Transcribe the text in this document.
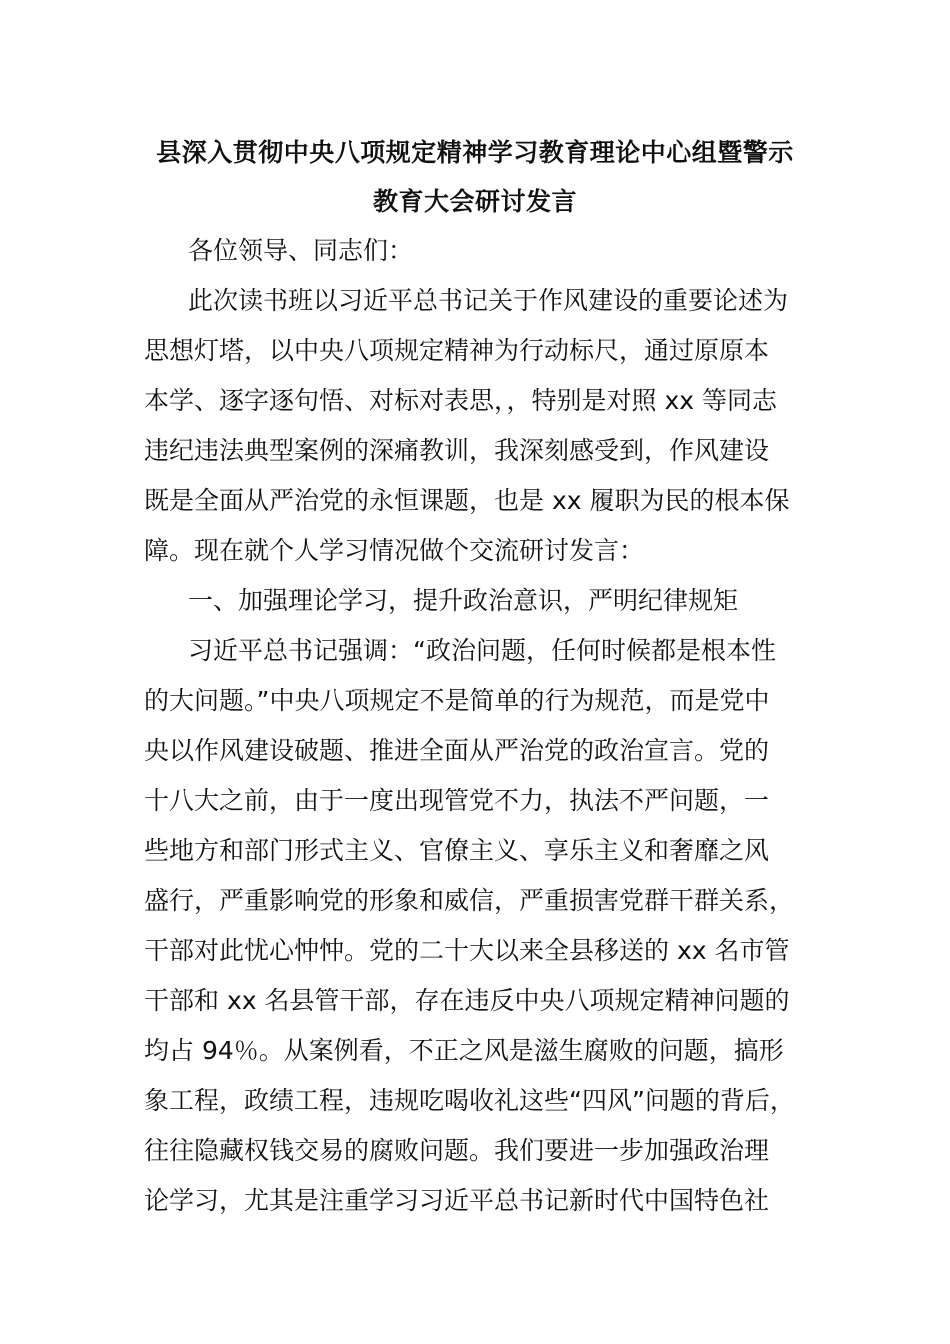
县深入贯彻中央八项规定精神学习教育理论中心组暨警示
教育大会研讨发言
各位领导、同志们：
此次读书班以习近平总书记关于作风建设的重要论述为
思想灯塔，以中央八项规定精神为行动标尺，通过原原本
本学、逐字逐句悟、对标对表思，，特别是对照 xx 等同志
违纪违法典型案例的深痛教训，我深刻感受到，作风建设
既是全面从严治党的永恒课题，也是 xx 履职为民的根本保
障。现在就个人学习情况做个交流研讨发言：
一、加强理论学习，提升政治意识，严明纪律规矩
习近平总书记强调：“政治问题，任何时候都是根本性
的大问题。”中央八项规定不是简单的行为规范，而是党中
央以作风建设破题、推进全面从严治党的政治宣言。党的
十八大之前，由于一度出现管党不力，执法不严问题，一
些地方和部门形式主义、官僚主义、享乐主义和奢靡之风
盛行，严重影响党的形象和威信，严重损害党群干群关系，
干部对此忧心忡忡。党的二十大以来全县移送的 xx 名市管
干部和 xx 名县管干部，存在违反中央八项规定精神问题的
均占 94％。从案例看，不正之风是滋生腐败的问题，搞形
象工程，政绩工程，违规吃喝收礼这些“四风”问题的背后，
往往隐藏权钱交易的腐败问题。我们要进一步加强政治理
论学习，尤其是注重学习习近平总书记新时代中国特色社
